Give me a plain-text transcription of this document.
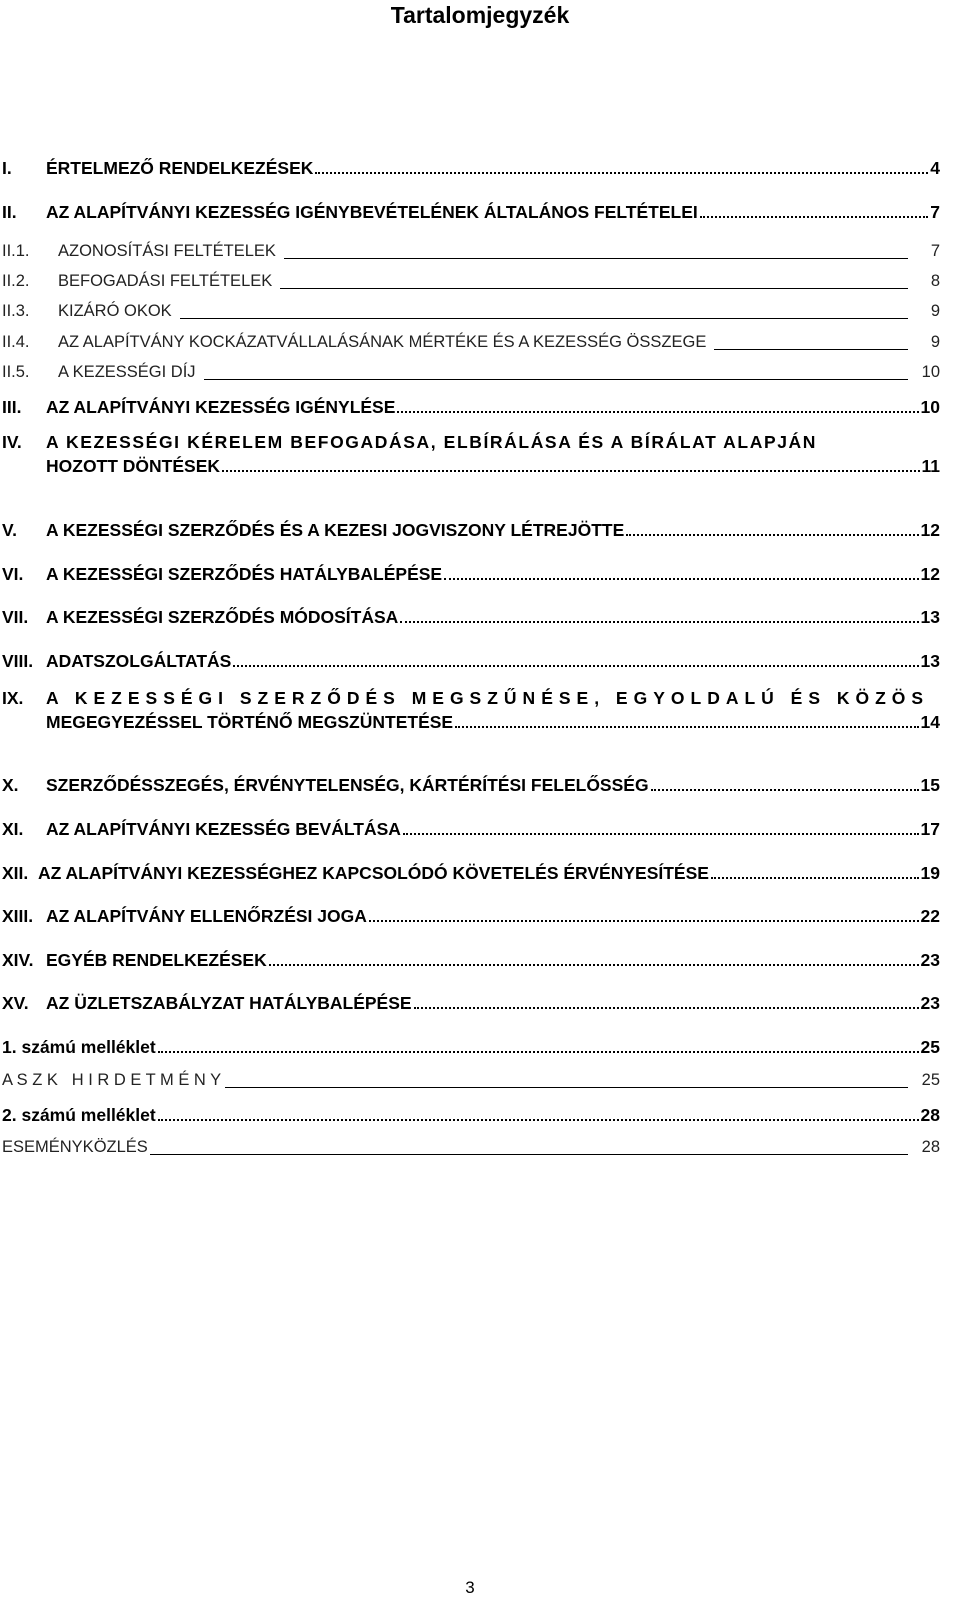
Tartalomjegyzék
I.	ÉRTELMEZŐ RENDELKEZÉSEK	4
II.	AZ ALAPÍTVÁNYI KEZESSÉG IGÉNYBEVÉTELÉNEK ÁLTALÁNOS FELTÉTELEI	7
II.1.	AZONOSÍTÁSI FELTÉTELEK	7
II.2.	BEFOGADÁSI FELTÉTELEK	8
II.3.	KIZÁRÓ OKOK	9
II.4.	AZ ALAPÍTVÁNY KOCKÁZATVÁLLALÁSÁNAK MÉRTÉKE ÉS A KEZESSÉG ÖSSZEGE	9
II.5.	A KEZESSÉGI DÍJ	10
III.	AZ ALAPÍTVÁNYI KEZESSÉG IGÉNYLÉSE	10
IV.	A KEZESSÉGI KÉRELEM BEFOGADÁSA, ELBÍRÁLÁSA ÉS A BÍRÁLAT ALAPJÁN
HOZOTT DÖNTÉSEK	11
V.	A KEZESSÉGI SZERZŐDÉS ÉS A KEZESI JOGVISZONY LÉTREJÖTTE	12
VI.	A KEZESSÉGI SZERZŐDÉS HATÁLYBALÉPÉSE	12
VII.	A KEZESSÉGI SZERZŐDÉS MÓDOSÍTÁSA	13
VIII. ADATSZOLGÁLTATÁS	13
IX.	A KEZESSÉGI SZERZŐDÉS MEGSZŰNÉSE, EGYOLDALÚ ÉS KÖZÖS
MEGEGYEZÉSSEL TÖRTÉNŐ MEGSZÜNTETÉSE	14
X.	SZERZŐDÉSSZEGÉS, ÉRVÉNYTELENSÉG, KÁRTÉRÍTÉSI FELELŐSSÉG	15
XI.	AZ ALAPÍTVÁNYI KEZESSÉG BEVÁLTÁSA	17
XII. AZ ALAPÍTVÁNYI KEZESSÉGHEZ KAPCSOLÓDÓ KÖVETELÉS ÉRVÉNYESÍTÉSE	19
XIII. AZ ALAPÍTVÁNY ELLENŐRZÉSI JOGA	22
XIV. EGYÉB RENDELKEZÉSEK	23
XV. AZ ÜZLETSZABÁLYZAT HATÁLYBALÉPÉSE	23
1. számú melléklet	25
A S Z K   H I R D E T M É N Y	25
2. számú melléklet	28
ESEMÉNYKÖZLÉS	28
3
